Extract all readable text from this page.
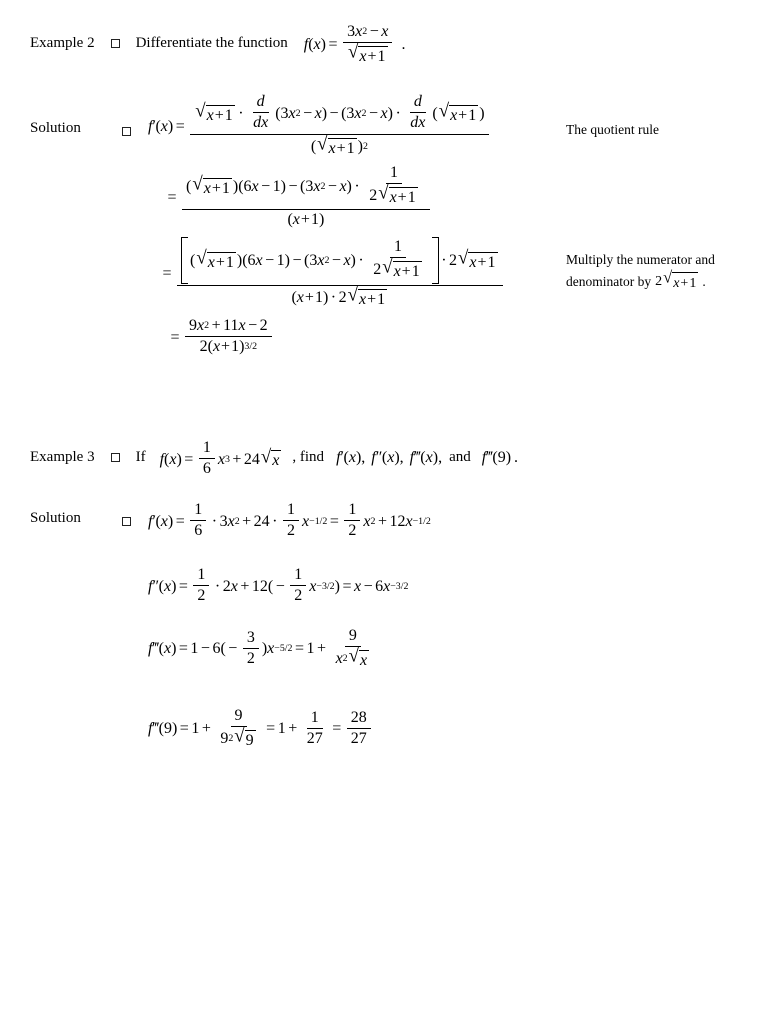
Example 2	Differentiate the function f ( x ) = $\frac{3 x 2 - x}{√ x + 1}$ .
Solution	f ′ ( x ) =
√ $x + 1 \cdot \frac{d}{dx}$ ( 3 x 2 − x ) − ( 3 x 2 − x ) · $\frac{d}{dx}$ ( √ x + 1 )
( √ x + 1 ) 2
The quotient rule
=
( √ x + 1 )( 6 x − 1 ) − ( 3 x 2 − x ) · $\frac{1}{2 √ x + 1}$
( x + 1 )
=
( √ x + 1 )( 6 x − 1 ) − ( 3 x 2 − x ) · $\frac{1}{2 √ x + 1} \cdot 2$ √ x + 1
( x + 1 ) · 2 √ x + 1
Multiply the numerator and
denominator by 2 √ x + 1 .
= $\frac{9 x 2 + 11 x - 2}{2( x + 1) 3/2}$
Example 3	If f ( x ) = $\frac{1}{6}$ x 3 + 24 √ x , find f ′ ( x ) , f ″ ( x ) , f ‴ ( x ) , and f ‴ (9) .
Solution	f ′ ( x ) = $\frac{1}{6} \cdot 3$ x $2 + 24 \cdot \frac{1}{2}$ $x -1/2 = \frac{1}{2}$ x 2 + 12 x −1/2
f ″ ( x ) = $\frac{1}{2} \cdot 2$ $x + 12( - \frac{1}{2}$ x −3/2 ) = x − 6 x −3/2
f ‴ ( x ) = $1 - 6( - \frac{3}{2}$ ) $x -5/2 = 1 + \frac{9}{x 2 √ x}$
f ‴ $(9) = 1 + \frac{9}{9 2 √ 9} = 1 + \frac{1}{27} = \frac{28}{27}$
